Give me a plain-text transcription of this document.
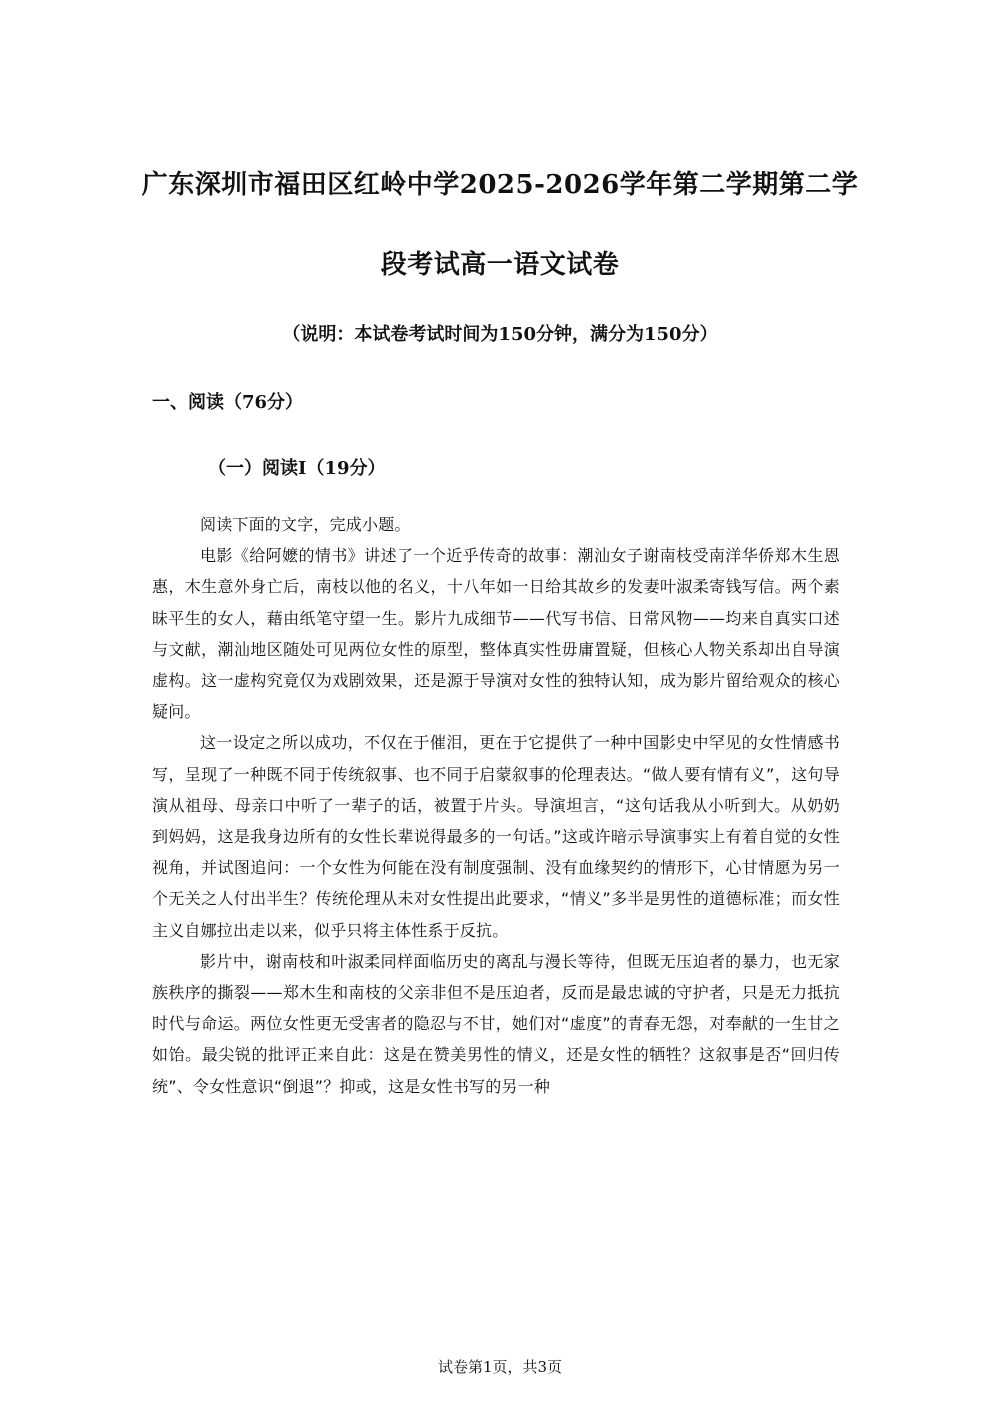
广东深圳市福田区红岭中学2025-2026学年第二学期第二学
段考试高一语文试卷
（说明：本试卷考试时间为150分钟，满分为150分）
一、阅读（76分）
（一）阅读Ⅰ（19分）

阅读下面的文字，完成小题。

电影《给阿嬷的情书》讲述了一个近乎传奇的故事：潮汕女子谢南枝受南洋华侨郑木生恩惠，木生意外身亡后，南枝以他的名义，十八年如一日给其故乡的发妻叶淑柔寄钱写信。两个素昧平生的女人，藉由纸笔守望一生。影片九成细节——代写书信、日常风物——均来自真实口述与文献，潮汕地区随处可见两位女性的原型，整体真实性毋庸置疑，但核心人物关系却出自导演虚构。这一虚构究竟仅为戏剧效果，还是源于导演对女性的独特认知，成为影片留给观众的核心疑问。

这一设定之所以成功，不仅在于催泪，更在于它提供了一种中国影史中罕见的女性情感书写，呈现了一种既不同于传统叙事、也不同于启蒙叙事的伦理表达。“做人要有情有义”，这句导演从祖母、母亲口中听了一辈子的话，被置于片头。导演坦言，“这句话我从小听到大。从奶奶到妈妈，这是我身边所有的女性长辈说得最多的一句话。”这或许暗示导演事实上有着自觉的女性视角，并试图追问：一个女性为何能在没有制度强制、没有血缘契约的情形下，心甘情愿为另一个无关之人付出半生？传统伦理从未对女性提出此要求，“情义”多半是男性的道德标准；而女性主义自娜拉出走以来，似乎只将主体性系于反抗。

影片中，谢南枝和叶淑柔同样面临历史的离乱与漫长等待，但既无压迫者的暴力，也无家族秩序的撕裂——郑木生和南枝的父亲非但不是压迫者，反而是最忠诚的守护者，只是无力抵抗时代与命运。两位女性更无受害者的隐忍与不甘，她们对“虚度”的青春无怨，对奉献的一生甘之如饴。最尖锐的批评正来自此：这是在赞美男性的情义，还是女性的牺牲？这叙事是否“回归传统”、令女性意识“倒退”？抑或，这是女性书写的另一种

试卷第1页，共3页
